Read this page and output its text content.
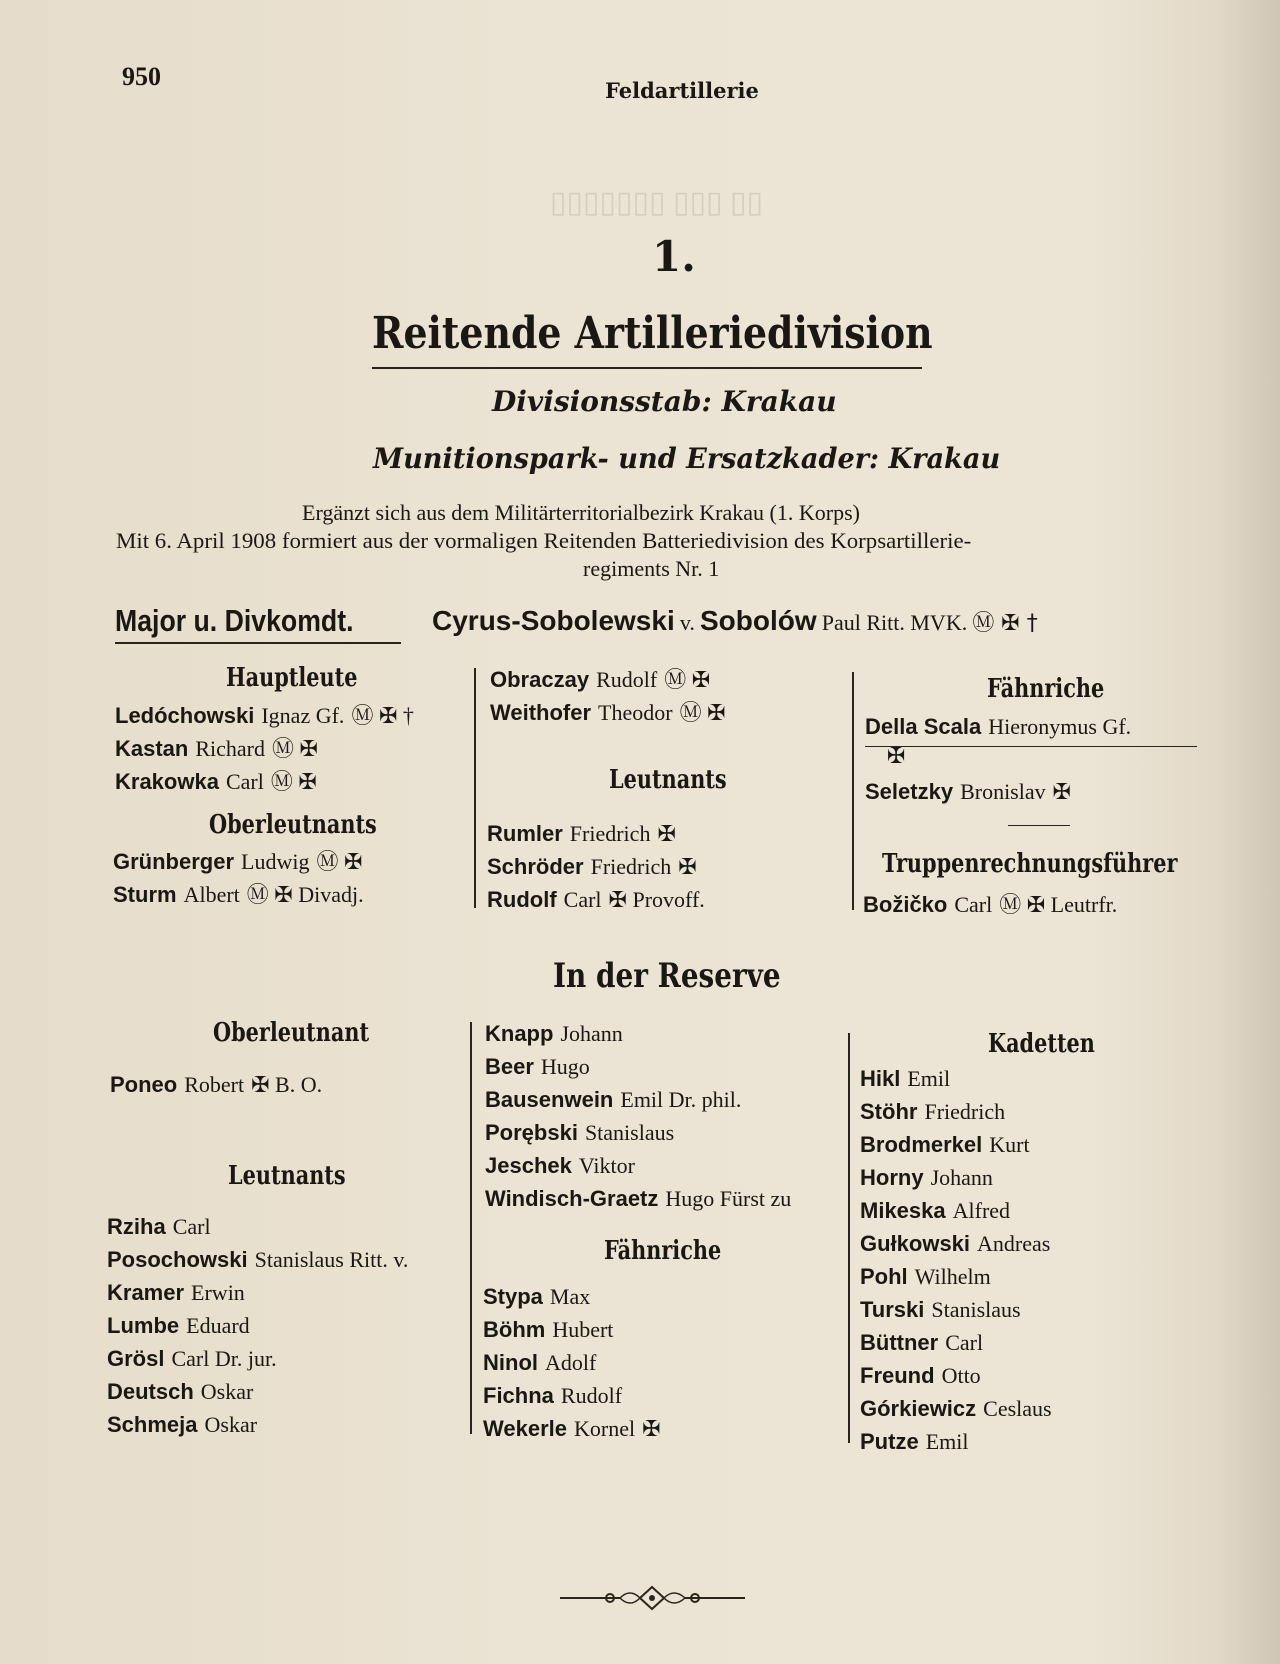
▯▯ ▯▯▯ ▯▯▯▯▯▯▯
950	Feldartillerie
1.
Reitende Artilleriedivision
Divisionsstab: Krakau
Munitionspark- und Ersatzkader: Krakau
Ergänzt sich aus dem Militärterritorialbezirk Krakau (1. Korps)
Mit 6. April 1908 formiert aus der vormaligen Reitenden Batteriedivision des Korpsartillerie-
regiments Nr. 1
Major u. Divkomdt.	Cyrus-Sobolewski v. Sobolów Paul Ritt. MVK. Ⓜ ✠ †
Hauptleute
Ledóchowski Ignaz Gf. Ⓜ ✠ †
Kastan Richard Ⓜ ✠
Krakowka Carl Ⓜ ✠
Oberleutnants
Grünberger Ludwig Ⓜ ✠
Sturm Albert Ⓜ ✠ Divadj.
Obraczay Rudolf Ⓜ ✠
Weithofer Theodor Ⓜ ✠
Leutnants
Rumler Friedrich ✠
Schröder Friedrich ✠
Rudolf Carl ✠ Provoff.
Fähnriche
Della Scala Hieronymus Gf.
✠
Seletzky Bronislav ✠
Truppenrechnungsführer
Božičko Carl Ⓜ ✠ Leutrfr.
In der Reserve
Oberleutnant
Poneo Robert ✠ B. O.
Leutnants
Rziha Carl
Posochowski Stanislaus Ritt. v.
Kramer Erwin
Lumbe Eduard
Grösl Carl Dr. jur.
Deutsch Oskar
Schmeja Oskar
Knapp Johann
Beer Hugo
Bausenwein Emil Dr. phil.
Porębski Stanislaus
Jeschek Viktor
Windisch-Graetz Hugo Fürst zu
Fähnriche
Stypa Max
Böhm Hubert
Ninol Adolf
Fichna Rudolf
Wekerle Kornel ✠
Kadetten
Hikl Emil
Stöhr Friedrich
Brodmerkel Kurt
Horny Johann
Mikeska Alfred
Gułkowski Andreas
Pohl Wilhelm
Turski Stanislaus
Büttner Carl
Freund Otto
Górkiewicz Ceslaus
Putze Emil
